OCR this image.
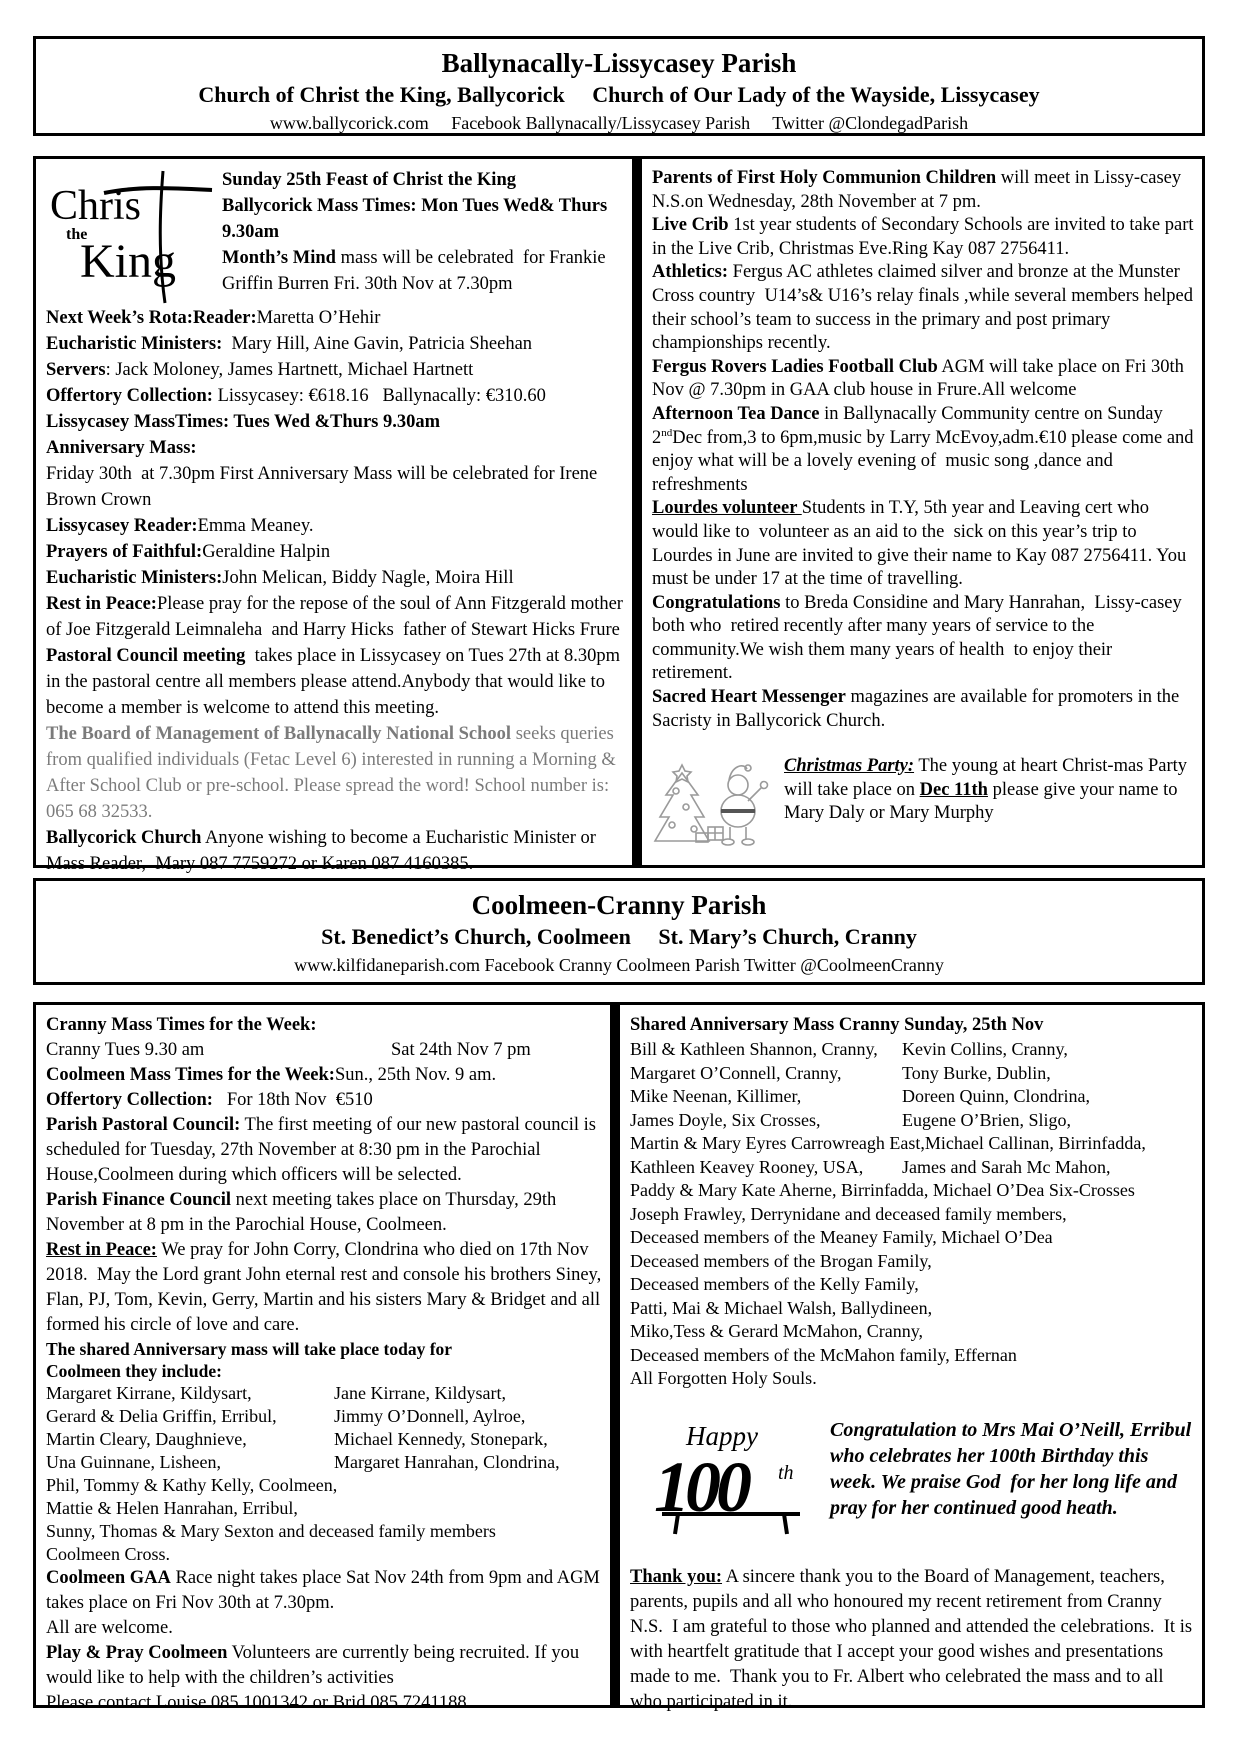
Ballynacally-Lissycasey Parish
Church of Christ the King, Ballycorick     Church of Our Lady of the Wayside, Lissycasey
www.ballycorick.com     Facebook Ballynacally/Lissycasey Parish     Twitter @ClondegadParish
Chris
the
King

Sunday 25th Feast of Christ the King

Ballycorick Mass Times: Mon Tues Wed& Thurs 9.30am

Month’s Mind mass will be celebrated  for Frankie Griffin Burren Fri. 30th Nov at 7.30pm

Next Week’s Rota:Reader:Maretta O’Hehir

Eucharistic Ministers:  Mary Hill, Aine Gavin, Patricia Sheehan

Servers: Jack Moloney, James Hartnett, Michael Hartnett

Offertory Collection: Lissycasey: €618.16   Ballynacally: €310.60

Lissycasey MassTimes: Tues Wed &Thurs 9.30am

Anniversary Mass:

Friday 30th  at 7.30pm First Anniversary Mass will be celebrated for Irene Brown Crown

Lissycasey Reader:Emma Meaney.

Prayers of Faithful:Geraldine Halpin

Eucharistic Ministers:John Melican, Biddy Nagle, Moira Hill

Rest in Peace:Please pray for the repose of the soul of Ann Fitzgerald mother of Joe Fitzgerald Leimnaleha  and Harry Hicks  father of Stewart Hicks Frure

Pastoral Council meeting  takes place in Lissycasey on Tues 27th at 8.30pm in the pastoral centre all members please attend.Anybody that would like to become a member is welcome to attend this meeting.

The Board of Management of Ballynacally National School seeks queries from qualified individuals (Fetac Level 6) interested in running a Morning & After School Club or pre-school. Please spread the word! School number is: 065 68 32533.

Ballycorick Church Anyone wishing to become a Eucharistic Minister or Mass Reader,  Mary 087 7759272 or Karen 087 4160385.

Parents of First Holy Communion Children will meet in Lissy-casey  N.S.on Wednesday, 28th November at 7 pm.

Live Crib 1st year students of Secondary Schools are invited to take part in the Live Crib, Christmas Eve.Ring Kay 087 2756411.

Athletics: Fergus AC athletes claimed silver and bronze at the Munster Cross country  U14’s& U16’s relay finals ,while several members helped their school’s team to success in the primary and post primary championships recently.

Fergus Rovers Ladies Football Club AGM will take place on Fri 30th Nov @ 7.30pm in GAA club house in Frure.All welcome

Afternoon Tea Dance in Ballynacally Community centre on Sunday 2ndDec from,3 to 6pm,music by Larry McEvoy,adm.€10 please come and enjoy what will be a lovely evening of  music song ,dance and refreshments

Lourdes volunteer Students in T.Y, 5th year and Leaving cert who would like to  volunteer as an aid to the  sick on this year’s trip to Lourdes in June are invited to give their name to Kay 087 2756411. You must be under 17 at the time of travelling.

Congratulations to Breda Considine and Mary Hanrahan,  Lissy-casey both who  retired recently after many years of service to the community.We wish them many years of health  to enjoy their retirement.

Sacred Heart Messenger magazines are available for promoters in the Sacristy in Ballycorick Church.

Christmas Party: The young at heart Christ-mas Party will take place on Dec 11th please give your name to Mary Daly or Mary Murphy

Coolmeen-Cranny Parish
St. Benedict’s Church, Coolmeen     St. Mary’s Church, Cranny
www.kilfidaneparish.com Facebook Cranny Coolmeen Parish Twitter @CoolmeenCranny

Cranny Mass Times for the Week:

Cranny Tues 9.30 am	Sat 24th Nov 7 pm

Coolmeen Mass Times for the Week:Sun., 25th Nov. 9 am.

Offertory Collection:   For 18th Nov  €510

Parish Pastoral Council: The first meeting of our new pastoral council is scheduled for Tuesday, 27th November at 8:30 pm in the Parochial House,Coolmeen during which officers will be selected.

Parish Finance Council next meeting takes place on Thursday, 29th November at 8 pm in the Parochial House, Coolmeen.

Rest in Peace: We pray for John Corry, Clondrina who died on 17th Nov 2018.  May the Lord grant John eternal rest and console his brothers Siney, Flan, PJ, Tom, Kevin, Gerry, Martin and his sisters Mary & Bridget and all formed his circle of love and care.

The shared Anniversary mass will take place today for

Coolmeen they include:

Margaret Kirrane, Kildysart,	Jane Kirrane, Kildysart,
Gerard & Delia Griffin, Erribul,	Jimmy O’Donnell, Aylroe,
Martin Cleary, Daughnieve,	Michael Kennedy, Stonepark,
Una Guinnane, Lisheen,	Margaret Hanrahan, Clondrina,
Phil, Tommy & Kathy Kelly, Coolmeen,
Mattie & Helen Hanrahan, Erribul,
Sunny, Thomas & Mary Sexton and deceased family members
Coolmeen Cross.

Coolmeen GAA Race night takes place Sat Nov 24th from 9pm and AGM takes place on Fri Nov 30th at 7.30pm.

All are welcome.

Play & Pray Coolmeen Volunteers are currently being recruited. If you would like to help with the children’s activities

Please contact Louise 085 1001342 or Brid 085 7241188.

Shared Anniversary Mass Cranny Sunday, 25th Nov

Bill & Kathleen Shannon, Cranny,	Kevin Collins, Cranny,
Margaret O’Connell, Cranny,	Tony Burke, Dublin,
Mike Neenan, Killimer,	Doreen Quinn, Clondrina,
James Doyle, Six Crosses,	Eugene O’Brien, Sligo,
Martin & Mary Eyres Carrowreagh East, Michael Callinan, Birrinfadda,
Kathleen Keavey Rooney, USA,	James and Sarah Mc Mahon,
Paddy & Mary Kate Aherne, Birrinfadda, Michael O’Dea Six-Crosses
Joseph Frawley, Derrynidane and deceased family members,
Deceased members of the Meaney Family, Michael O’Dea
Deceased members of the Brogan Family,
Deceased members of the Kelly Family,
Patti, Mai & Michael Walsh, Ballydineen,
Miko,Tess & Gerard McMahon, Cranny,
Deceased members of the McMahon family, Effernan
All Forgotten Holy Souls.
Happy
100 th
Congratulation to Mrs Mai O’Neill, Erribul who celebrates her 100th Birthday this week. We praise God  for her long life and pray for her continued good heath.

Thank you: A sincere thank you to the Board of Management, teachers, parents, pupils and all who honoured my recent retirement from Cranny N.S.  I am grateful to those who planned and attended the celebrations.  It is with heartfelt gratitude that I accept your good wishes and presentations made to me.  Thank you to Fr. Albert who celebrated the mass and to all who participated in it.
